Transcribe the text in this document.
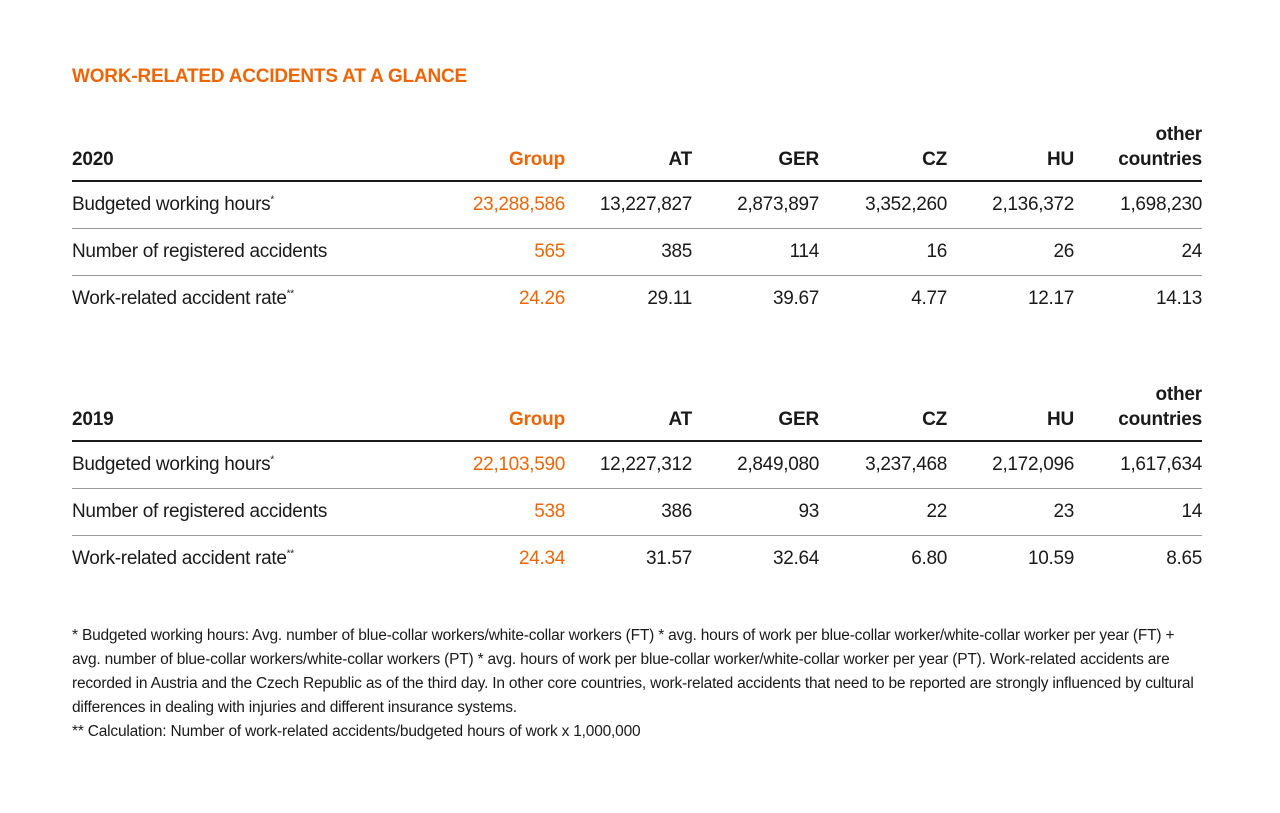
WORK-RELATED ACCIDENTS AT A GLANCE
2020	Group	AT	GER	CZ	HU	other
countries
Budgeted working hours*	23,288,586	13,227,827	2,873,897	3,352,260	2,136,372	1,698,230
Number of registered accidents	565	385	114	16	26	24
Work-related accident rate**	24.26	29.11	39.67	4.77	12.17	14.13
2019	Group	AT	GER	CZ	HU	other
countries
Budgeted working hours*	22,103,590	12,227,312	2,849,080	3,237,468	2,172,096	1,617,634
Number of registered accidents	538	386	93	22	23	14
Work-related accident rate**	24.34	31.57	32.64	6.80	10.59	8.65

* Budgeted working hours: Avg. number of blue-collar workers/white-collar workers (FT) * avg. hours of work per blue-collar worker/white-collar worker per year (FT) + avg. number of blue-collar workers/white-collar workers (PT) * avg. hours of work per blue-collar worker/white-collar worker per year (PT). Work-related accidents are recorded in Austria and the Czech Republic as of the third day. In other core countries, work-related accidents that need to be reported are strongly influenced by cultural differences in dealing with injuries and different insurance systems.

** Calculation: Number of work-related accidents/budgeted hours of work x 1,000,000
